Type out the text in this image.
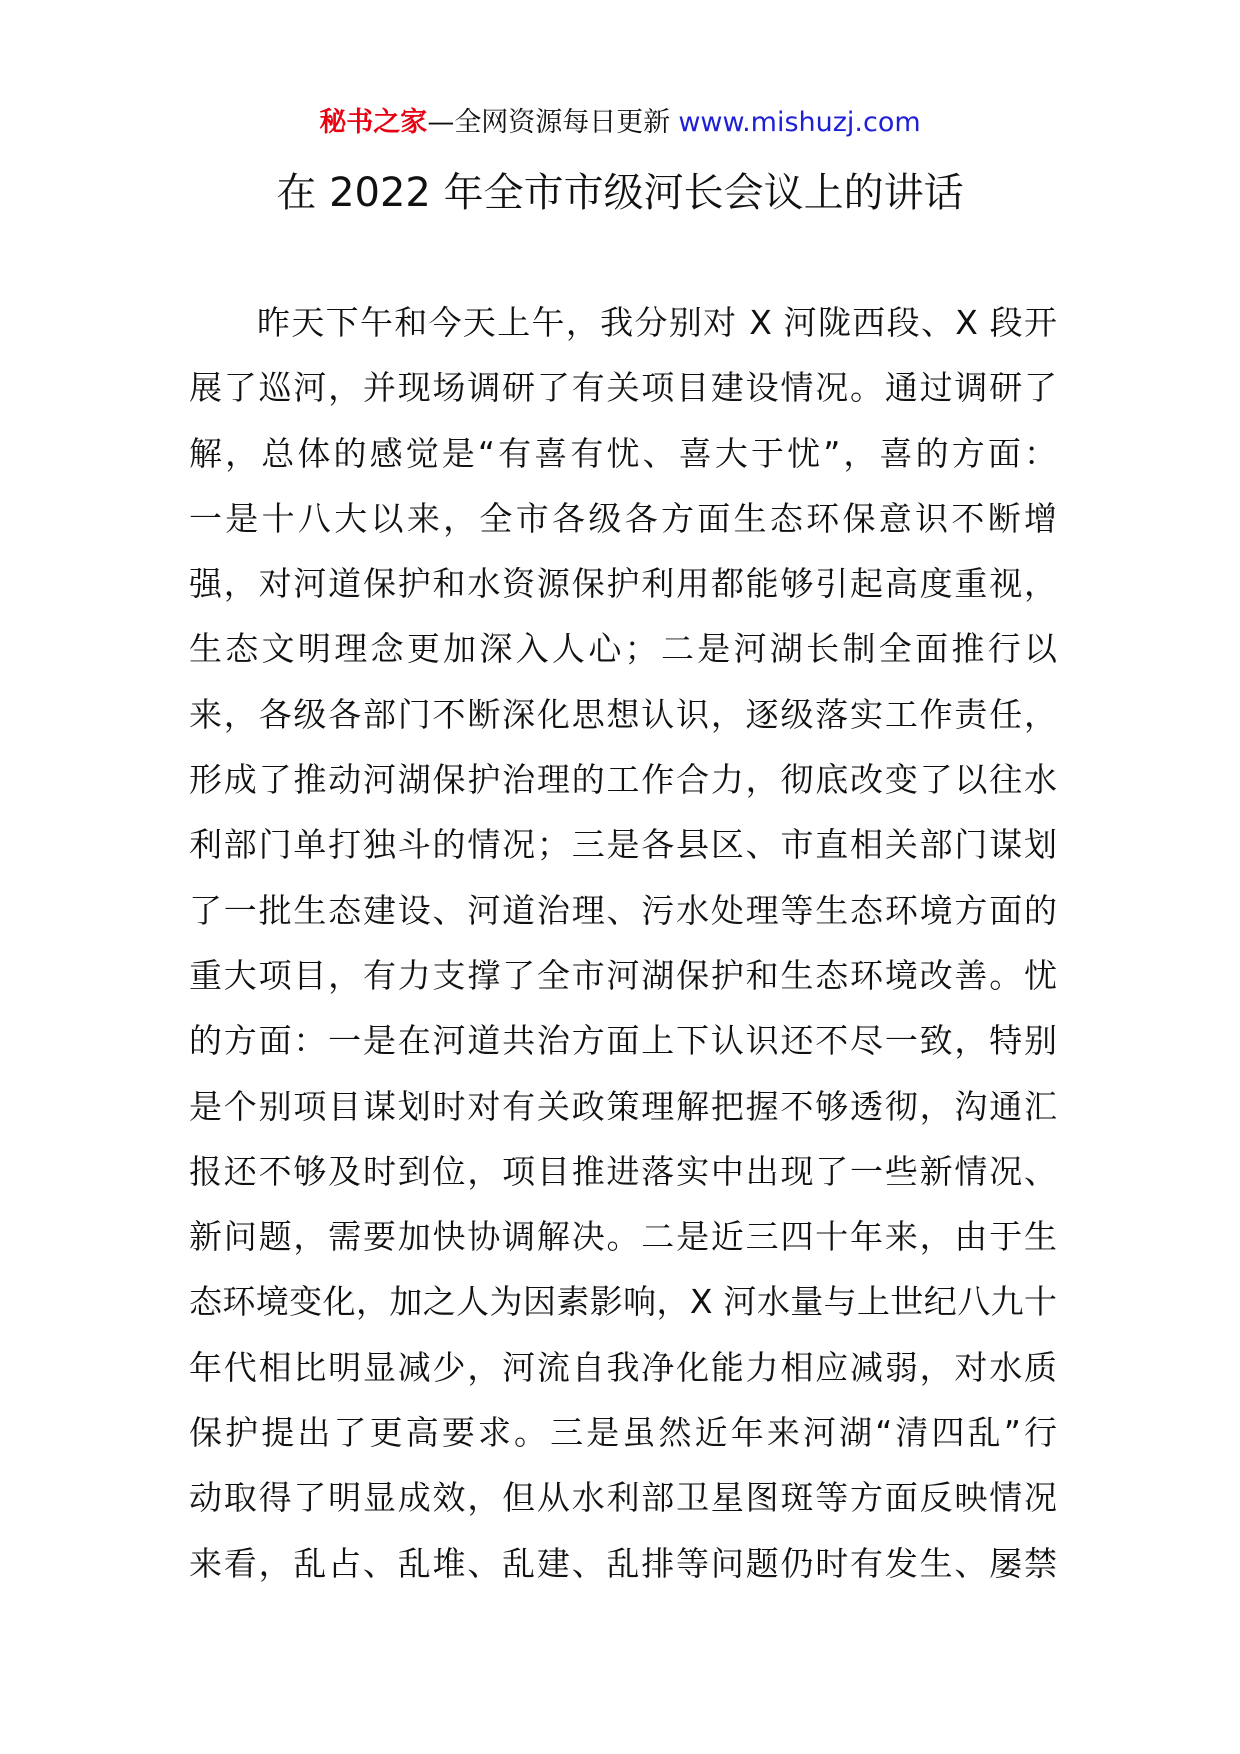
秘书之家—全网资源每日更新 www.mishuzj.com
在 2022 年全市市级河长会议上的讲话
昨天下午和今天上午，我分别对 X 河陇西段、X 段开
展了巡河，并现场调研了有关项目建设情况。通过调研了
解，总体的感觉是“有喜有忧、喜大于忧”，喜的方面：
一是十八大以来，全市各级各方面生态环保意识不断增
强，对河道保护和水资源保护利用都能够引起高度重视，
生态文明理念更加深入人心；二是河湖长制全面推行以
来，各级各部门不断深化思想认识，逐级落实工作责任，
形成了推动河湖保护治理的工作合力，彻底改变了以往水
利部门单打独斗的情况；三是各县区、市直相关部门谋划
了一批生态建设、河道治理、污水处理等生态环境方面的
重大项目，有力支撑了全市河湖保护和生态环境改善。忧
的方面：一是在河道共治方面上下认识还不尽一致，特别
是个别项目谋划时对有关政策理解把握不够透彻，沟通汇
报还不够及时到位，项目推进落实中出现了一些新情况、
新问题，需要加快协调解决。二是近三四十年来，由于生
态环境变化，加之人为因素影响，X 河水量与上世纪八九十
年代相比明显减少，河流自我净化能力相应减弱，对水质
保护提出了更高要求。三是虽然近年来河湖“清四乱”行
动取得了明显成效，但从水利部卫星图斑等方面反映情况
来看，乱占、乱堆、乱建、乱排等问题仍时有发生、屡禁
